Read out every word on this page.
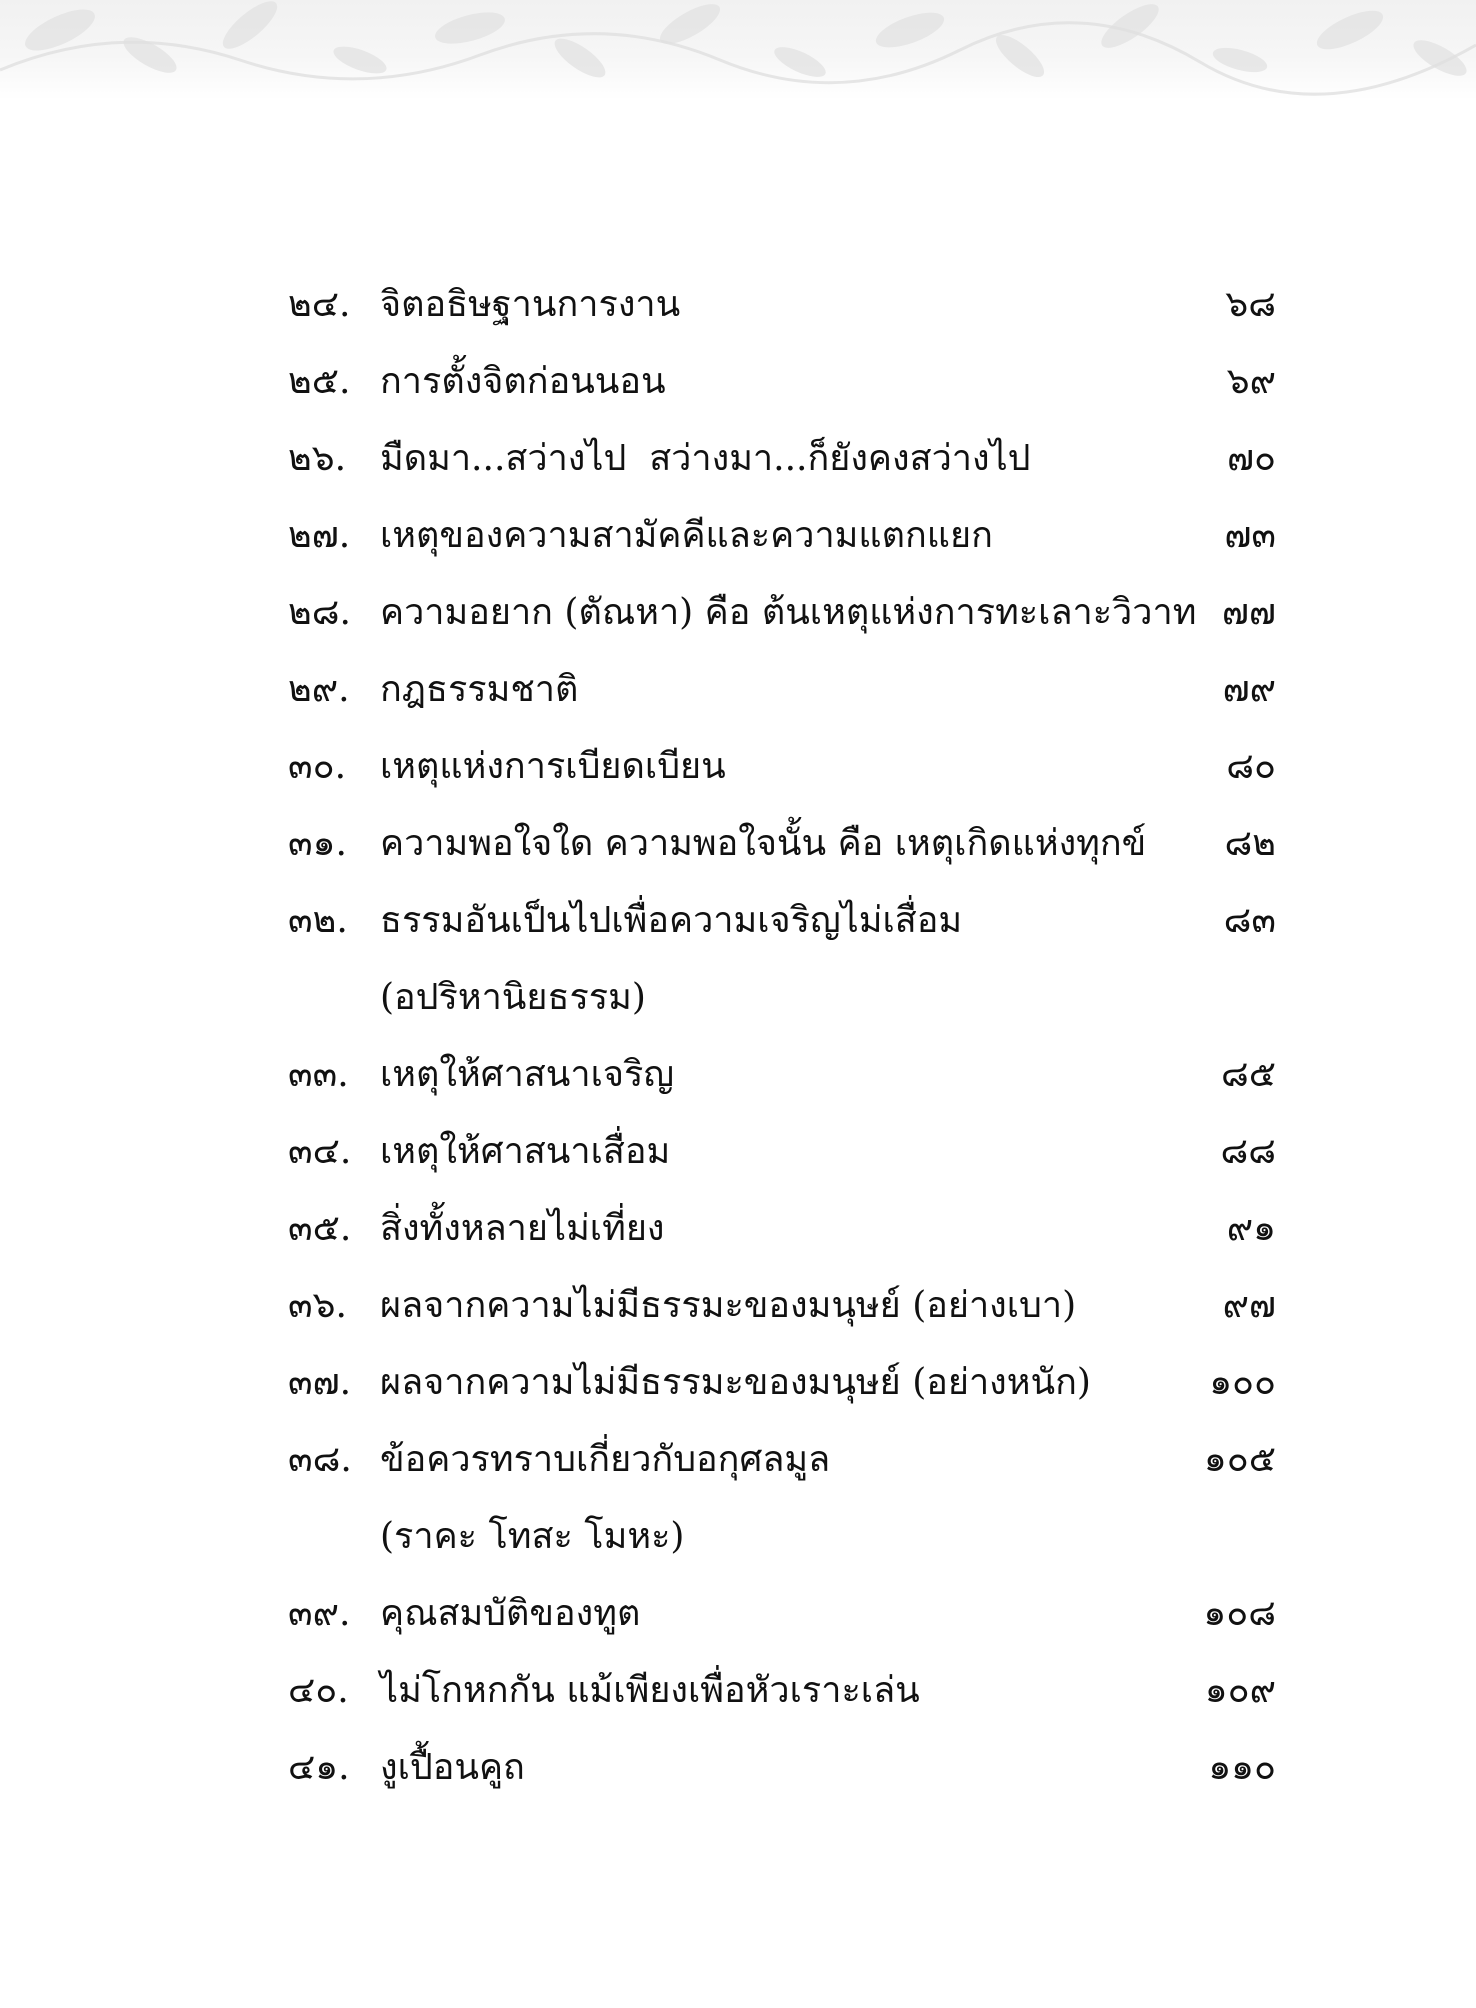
๒๔. จิตอธิษฐานการงาน	๖๘
๒๕. การตั้งจิตก่อนนอน	๖๙
๒๖. มืดมา...สว่างไป  สว่างมา...ก็ยังคงสว่างไป	๗๐
๒๗. เหตุของความสามัคคีและความแตกแยก	๗๓
๒๘. ความอยาก (ตัณหา) คือ ต้นเหตุแห่งการทะเลาะวิวาท ๗๗
๒๙. กฎธรรมชาติ	๗๙
๓๐. เหตุแห่งการเบียดเบียน	๘๐
๓๑. ความพอใจใด ความพอใจนั้น คือ เหตุเกิดแห่งทุกข์ ๘๒
๓๒. ธรรมอันเป็นไปเพื่อความเจริญไม่เสื่อม	๘๓
(อปริหานิยธรรม)
๓๓. เหตุให้ศาสนาเจริญ	๘๕
๓๔. เหตุให้ศาสนาเสื่อม	๘๘
๓๕. สิ่งทั้งหลายไม่เที่ยง	๙๑
๓๖. ผลจากความไม่มีธรรมะของมนุษย์ (อย่างเบา)	๙๗
๓๗. ผลจากความไม่มีธรรมะของมนุษย์ (อย่างหนัก)	๑๐๐
๓๘. ข้อควรทราบเกี่ยวกับอกุศลมูล	๑๐๕
(ราคะ โทสะ โมหะ)
๓๙. คุณสมบัติของทูต	๑๐๘
๔๐. ไม่โกหกกัน แม้เพียงเพื่อหัวเราะเล่น	๑๐๙
๔๑. งูเปื้อนคูถ	๑๑๐
